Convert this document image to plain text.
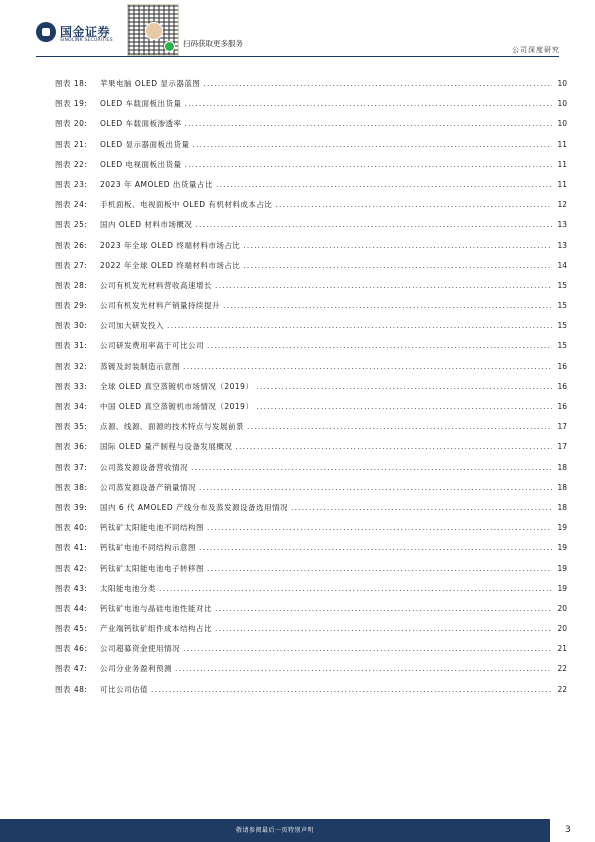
国金证券
SINOLINK SECURITIES	扫码获取更多服务
公司深度研究
图表 18:	苹果电脑 OLED 显示器蓝图 .....	10
图表 19:	OLED 车载面板出货量 .....	10
图表 20:	OLED 车载面板渗透率 .....	10
图表 21:	OLED 显示器面板出货量 .....	11
图表 22:	OLED 电视面板出货量 .....	11
图表 23:	2023 年 AMOLED 出货量占比 .....	11
图表 24:	手机面板、电视面板中 OLED 有机材料成本占比 .....	12
图表 25:	国内 OLED 材料市场概况 .....	13
图表 26:	2023 年全球 OLED 终端材料市场占比 .....	13
图表 27:	2022 年全球 OLED 终端材料市场占比 .....	14
图表 28:	公司有机发光材料营收高速增长 .....	15
图表 29:	公司有机发光材料产销量持续提升 .....	15
图表 30:	公司加大研发投入 .....	15
图表 31:	公司研发费用率高于可比公司 .....	15
图表 32:	蒸镀及封装制造示意图 .....	16
图表 33:	全球 OLED 真空蒸镀机市场情况（2019） .....	16
图表 34:	中国 OLED 真空蒸镀机市场情况（2019） .....	16
图表 35:	点源、线源、面源的技术特点与发展前景 .....	17
图表 36:	国际 OLED 量产制程与设备发展概况 .....	17
图表 37:	公司蒸发源设备营收情况 .....	18
图表 38:	公司蒸发源设备产销量情况 .....	18
图表 39:	国内 6 代 AMOLED 产线分布及蒸发源设备选用情况 .....	18
图表 40:	钙钛矿太阳能电池不同结构图 .....	19
图表 41:	钙钛矿电池不同结构示意图 .....	19
图表 42:	钙钛矿太阳能电池电子转移图 .....	19
图表 43:	太阳能电池分类 .....	19
图表 44:	钙钛矿电池与晶硅电池性能对比 .....	20
图表 45:	产业端钙钛矿组件成本结构占比 .....	20
图表 46:	公司超募资金使用情况 .....	21
图表 47:	公司分业务盈利预测 .....	22
图表 48:	可比公司估值 .....	22
敬请参阅最后一页特别声明	3
